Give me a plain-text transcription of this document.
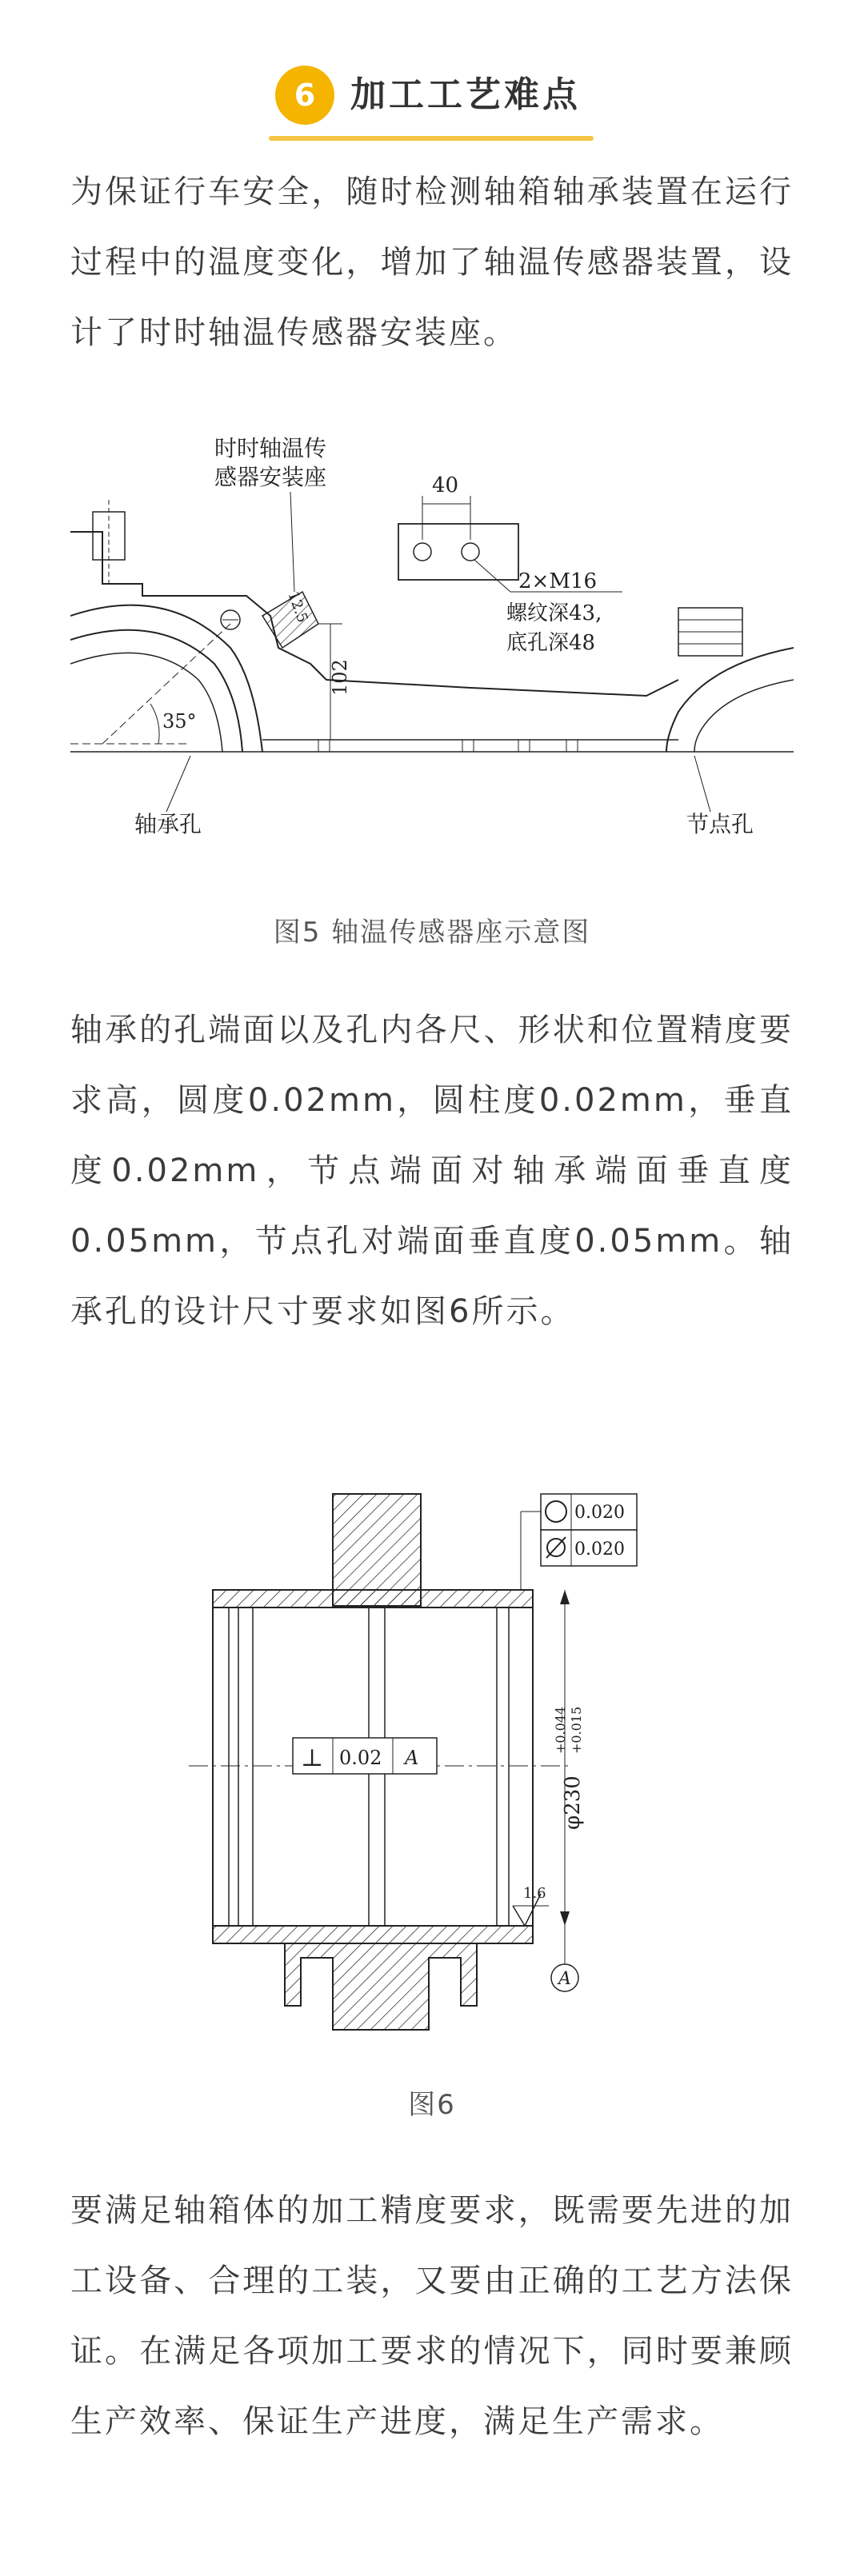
6 加工工艺难点
为保证行车安全，随时检测轴箱轴承装置在运行过程中的温度变化，增加了轴温传感器装置，设计了时时轴温传感器安装座。
35°
12.5
102
时时轴温传
感器安装座	40
2×M16
螺纹深43,
底孔深48
轴承孔	节点孔
图5 轴温传感器座示意图
轴承的孔端面以及孔内各尺、形状和位置精度要求高，圆度0.02mm，圆柱度0.02mm，垂直度0.02mm，节点端面对轴承端面垂直度0.05mm，节点孔对端面垂直度0.05mm。轴承孔的设计尺寸要求如图6所示。
⊥ 0.02 A
0.020
0.020
φ230
+0.044 +0.015
1.6
A
图6
要满足轴箱体的加工精度要求，既需要先进的加工设备、合理的工装，又要由正确的工艺方法保证。在满足各项加工要求的情况下，同时要兼顾生产效率、保证生产进度，满足生产需求。
